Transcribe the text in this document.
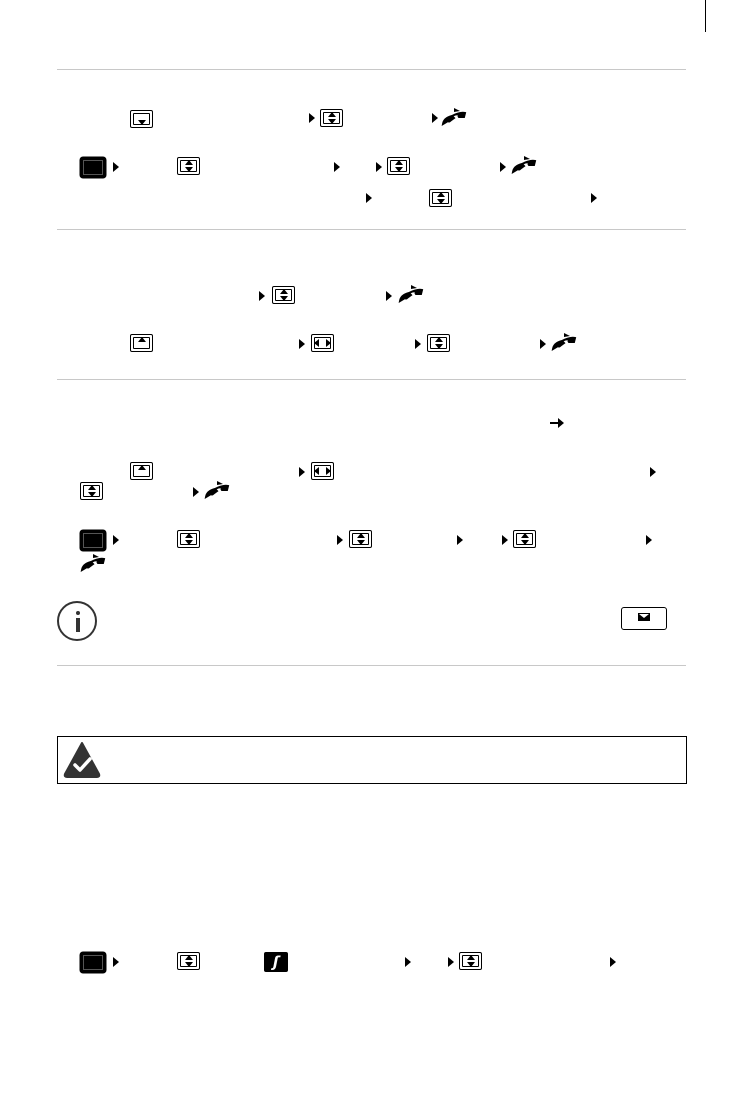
ʃ
